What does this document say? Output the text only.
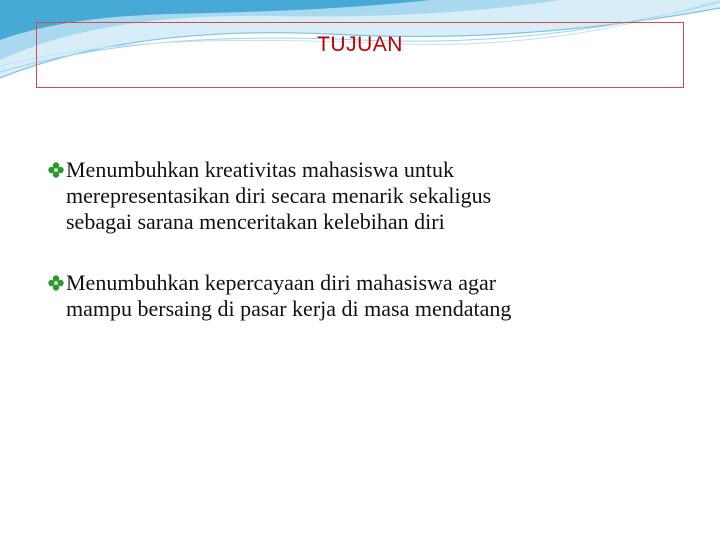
TUJUAN
Menumbuhkan kreativitas mahasiswa untuk
merepresentasikan diri secara menarik sekaligus
sebagai sarana menceritakan kelebihan diri
Menumbuhkan kepercayaan diri mahasiswa agar
mampu bersaing di pasar kerja di masa mendatang
